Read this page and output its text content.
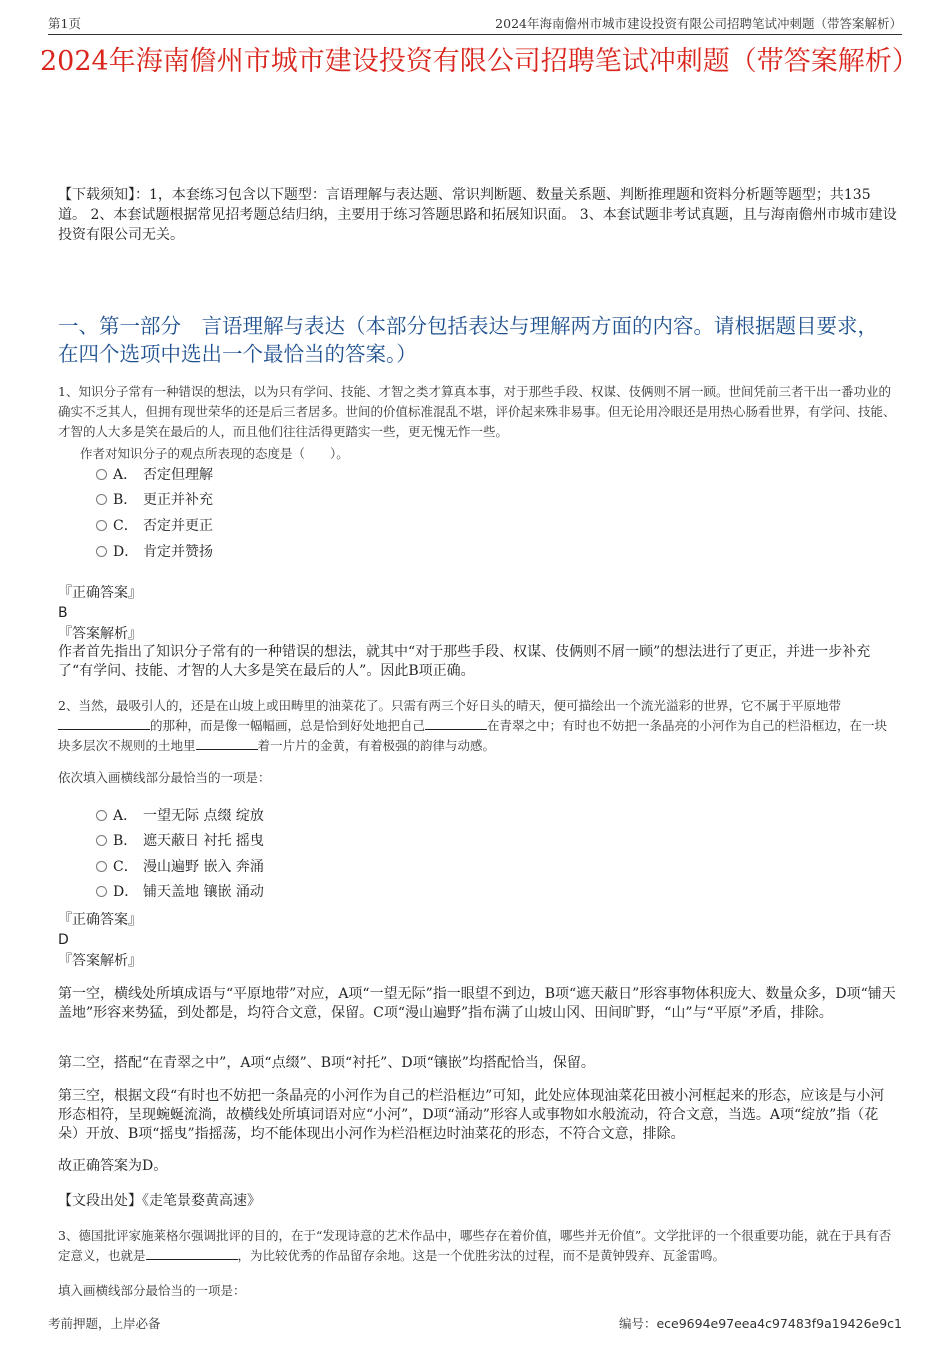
第1页	2024年海南儋州市城市建设投资有限公司招聘笔试冲刺题（带答案解析）
2024年海南儋州市城市建设投资有限公司招聘笔试冲刺题（带答案解析）
【下载须知】：1，本套练习包含以下题型：言语理解与表达题、常识判断题、数量关系题、判断推理题和资料分析题等题型；共135道。 2、本套试题根据常见招考题总结归纳，主要用于练习答题思路和拓展知识面。 3、本套试题非考试真题，且与海南儋州市城市建设投资有限公司无关。
一、第一部分　言语理解与表达（本部分包括表达与理解两方面的内容。请根据题目要求，在四个选项中选出一个最恰当的答案。）
1、知识分子常有一种错误的想法，以为只有学问、技能、才智之类才算真本事，对于那些手段、权谋、伎俩则不屑一顾。世间凭前三者干出一番功业的确实不乏其人，但拥有现世荣华的还是后三者居多。世间的价值标准混乱不堪，评价起来殊非易事。但无论用冷眼还是用热心肠看世界，有学问、技能、才智的人大多是笑在最后的人，而且他们往往活得更踏实一些，更无愧无怍一些。
作者对知识分子的观点所表现的态度是（　　）。
A． 否定但理解
B． 更正并补充
C． 否定并更正
D． 肯定并赞扬
『正确答案』
B
『答案解析』
作者首先指出了知识分子常有的一种错误的想法，就其中“对于那些手段、权谋、伎俩则不屑一顾”的想法进行了更正，并进一步补充了“有学问、技能、才智的人大多是笑在最后的人”。因此B项正确。
2、当然，最吸引人的，还是在山坡上或田畴里的油菜花了。只需有两三个好日头的晴天，便可描绘出一个流光溢彩的世界，它不属于平原地带的那种，而是像一幅幅画，总是恰到好处地把自己	在青翠之中；有时也不妨把一条晶亮的小河作为自己的栏沿框边，在一块块多层次不规则的土地里	着一片片的金黄，有着极强的韵律与动感。
依次填入画横线部分最恰当的一项是：
A． 一望无际 点缀 绽放
B． 遮天蔽日 衬托 摇曳
C． 漫山遍野 嵌入 奔涌
D． 铺天盖地 镶嵌 涌动
『正确答案』
D
『答案解析』
第一空，横线处所填成语与“平原地带”对应，A项“一望无际”指一眼望不到边，B项“遮天蔽日”形容事物体积庞大、数量众多，D项“铺天盖地”形容来势猛，到处都是，均符合文意，保留。C项“漫山遍野”指布满了山坡山冈、田间旷野，“山”与“平原”矛盾，排除。
第二空，搭配“在青翠之中”，A项“点缀”、B项“衬托”、D项“镶嵌”均搭配恰当，保留。
第三空，根据文段“有时也不妨把一条晶亮的小河作为自己的栏沿框边”可知，此处应体现油菜花田被小河框起来的形态，应该是与小河形态相符，呈现蜿蜒流淌，故横线处所填词语对应“小河”，D项“涌动”形容人或事物如水般流动，符合文意，当选。A项“绽放”指（花朵）开放、B项“摇曳”指摇荡，均不能体现出小河作为栏沿框边时油菜花的形态，不符合文意，排除。
故正确答案为D。
【文段出处】《走笔景婺黄高速》
3、德国批评家施莱格尔强调批评的目的，在于“发现诗意的艺术作品中，哪些存在着价值，哪些并无价值”。文学批评的一个很重要功能，就在于具有否定意义，也就是	，为比较优秀的作品留存余地。这是一个优胜劣汰的过程，而不是黄钟毁弃、瓦釜雷鸣。
填入画横线部分最恰当的一项是：
考前押题，上岸必备	编号：ece9694e97eea4c97483f9a19426e9c1
